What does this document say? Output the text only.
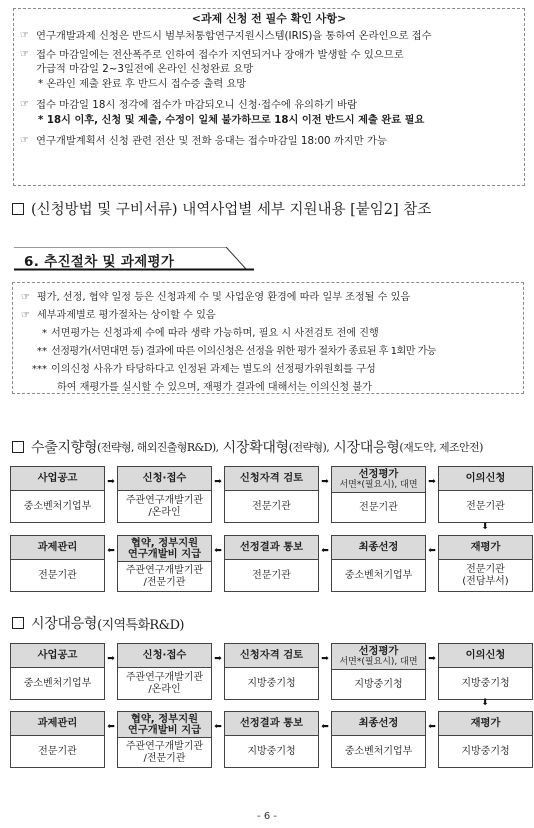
<과제 신청 전 필수 확인 사항>
☞ 연구개발과제 신청은 반드시 범부처통합연구지원시스템(IRIS)을 통하여 온라인으로 접수
☞ 접수 마감일에는 전산폭주로 인하여 접수가 지연되거나 장애가 발생할 수 있으므로
가급적 마감일 2~3일전에 온라인 신청완료 요망
* 온라인 제출 완료 후 반드시 접수증 출력 요망
☞ 접수 마감일 18시 정각에 접수가 마감되오니 신청·접수에 유의하기 바람
* 18시 이후, 신청 및 제출, 수정이 일체 불가하므로 18시 이전 반드시 제출 완료 필요
☞ 연구개발계획서 신청 관련 전산 및 전화 응대는 접수마감일 18:00 까지만 가능
(신청방법 및 구비서류) 내역사업별 세부 지원내용 [붙임2] 참조
6. 추진절차 및 과제평가
☞ 평가, 선정, 협약 일정 등은 신청과제 수 및 사업운영 환경에 따라 일부 조정될 수 있음
☞ 세부과제별로 평가절차는 상이할 수 있음
* 서면평가는 신청과제 수에 따라 생략 가능하며, 필요 시 사전검토 전에 진행
** 선정평가(서면대면 등) 결과에 따른 이의신청은 선정을 위한 평가 절차가 종료된 후 1회만 가능
*** 이의신청 사유가 타당하다고 인정된 과제는 별도의 선정평가위원회를 구성
하여 재평가를 실시할 수 있으며, 재평가 결과에 대해서는 이의신청 불가
수출지향형 (전략형, 해외진출형R&D),
시장확대형 (전략형),
시장대응형 (재도약, 제조안전)
사업공고
중소벤처기업부
➡	신청·접수
주관연구개발기관
/온라인
➡	신청자격 검토
전문기관
➡
선정평가
서면*(필요시), 대면
전문기관
➡	이의신청
전문기관
⬇
과제관리
전문기관
⬅
협약, 정부지원
연구개발비 지급
주관연구개발기관
/전문기관
⬅	선정결과 통보
전문기관
⬅	최종선정
중소벤처기업부
⬅	재평가
전문기관
(전담부서)
시장대응형 (지역특화R&D)
사업공고
중소벤처기업부
➡	신청·접수
주관연구개발기관
/온라인
➡	신청자격 검토
지방중기청
➡
선정평가
서면*(필요시), 대면
지방중기청
➡	이의신청
지방중기청
⬇
과제관리
전문기관
⬅
협약, 정부지원
연구개발비 지급
주관연구개발기관
/전문기관
⬅	선정결과 통보
지방중기청
⬅	최종선정
중소벤처기업부
⬅	재평가
지방중기청
- 6 -
